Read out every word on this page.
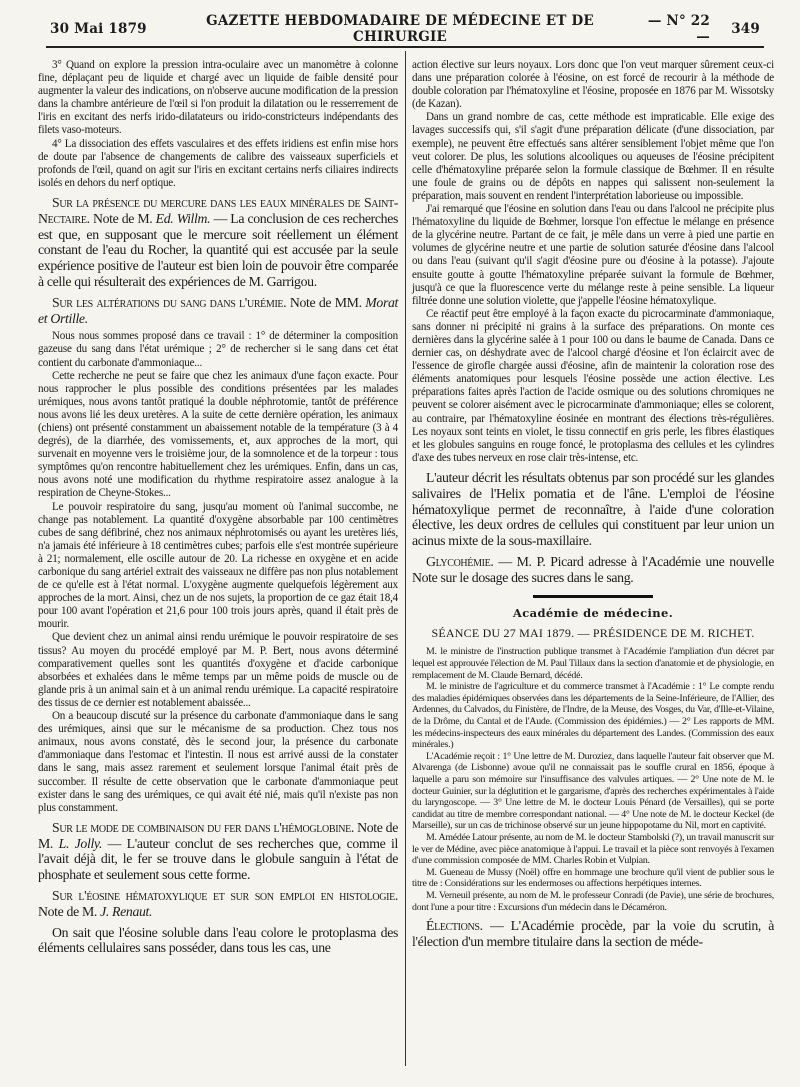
30 Mai 1879	GAZETTE HEBDOMADAIRE DE MÉDECINE ET DE CHIRURGIE
— N° 22 —	349

3° Quand on explore la pression intra-oculaire avec un manomètre à colonne fine, déplaçant peu de liquide et chargé avec un liquide de faible densité pour augmenter la valeur des indications, on n'observe aucune modification de la pression dans la chambre antérieure de l'œil si l'on produit la dilatation ou le resserrement de l'iris en excitant des nerfs irido-dilatateurs ou irido-constricteurs indépendants des filets vaso-moteurs.

4° La dissociation des effets vasculaires et des effets iridiens est enfin mise hors de doute par l'absence de changements de calibre des vaisseaux superficiels et profonds de l'œil, quand on agit sur l'iris en excitant certains nerfs ciliaires indirects isolés en dehors du nerf optique.

Sur la présence du mercure dans les eaux minérales de Saint-Nectaire. Note de M. Ed. Willm. — La conclusion de ces recherches est que, en supposant que le mercure soit réellement un élément constant de l'eau du Rocher, la quantité qui est accusée par la seule expérience positive de l'auteur est bien loin de pouvoir être comparée à celle qui résulterait des expériences de M. Garrigou.

Sur les altérations du sang dans l'urémie. Note de MM. Morat et Ortille.

Nous nous sommes proposé dans ce travail : 1° de déterminer la composition gazeuse du sang dans l'état urémique ; 2° de rechercher si le sang dans cet état contient du carbonate d'ammoniaque...

Cette recherche ne peut se faire que chez les animaux d'une façon exacte. Pour nous rapprocher le plus possible des conditions présentées par les malades urémiques, nous avons tantôt pratiqué la double néphrotomie, tantôt de préférence nous avons lié les deux uretères. A la suite de cette dernière opération, les animaux (chiens) ont présenté constamment un abaissement notable de la température (3 à 4 degrés), de la diarrhée, des vomissements, et, aux approches de la mort, qui survenait en moyenne vers le troisième jour, de la somnolence et de la torpeur : tous symptômes qu'on rencontre habituellement chez les urémiques. Enfin, dans un cas, nous avons noté une modification du rhythme respiratoire assez analogue à la respiration de Cheyne-Stokes...

Le pouvoir respiratoire du sang, jusqu'au moment où l'animal succombe, ne change pas notablement. La quantité d'oxygène absorbable par 100 centimètres cubes de sang défibriné, chez nos animaux néphrotomisés ou ayant les uretères liés, n'a jamais été inférieure à 18 centimètres cubes; parfois elle s'est montrée supérieure à 21; normalement, elle oscille autour de 20. La richesse en oxygène et en acide carbonique du sang artériel extrait des vaisseaux ne diffère pas non plus notablement de ce qu'elle est à l'état normal. L'oxygène augmente quelquefois légèrement aux approches de la mort. Ainsi, chez un de nos sujets, la proportion de ce gaz était 18,4 pour 100 avant l'opération et 21,6 pour 100 trois jours après, quand il était près de mourir.

Que devient chez un animal ainsi rendu urémique le pouvoir respiratoire de ses tissus? Au moyen du procédé employé par M. P. Bert, nous avons déterminé comparativement quelles sont les quantités d'oxygène et d'acide carbonique absorbées et exhalées dans le même temps par un même poids de muscle ou de glande pris à un animal sain et à un animal rendu urémique. La capacité respiratoire des tissus de ce dernier est notablement abaissée...

On a beaucoup discuté sur la présence du carbonate d'ammoniaque dans le sang des urémiques, ainsi que sur le mécanisme de sa production. Chez tous nos animaux, nous avons constaté, dès le second jour, la présence du carbonate d'ammoniaque dans l'estomac et l'intestin. Il nous est arrivé aussi de la constater dans le sang, mais assez rarement et seulement lorsque l'animal était près de succomber. Il résulte de cette observation que le carbonate d'ammoniaque peut exister dans le sang des urémiques, ce qui avait été nié, mais qu'il n'existe pas non plus constamment.

Sur le mode de combinaison du fer dans l'hémoglobine. Note de M. L. Jolly. — L'auteur conclut de ses recherches que, comme il l'avait déjà dit, le fer se trouve dans le globule sanguin à l'état de phosphate et seulement sous cette forme.

Sur l'éosine hématoxylique et sur son emploi en histologie. Note de M. J. Renaut.

On sait que l'éosine soluble dans l'eau colore le protoplasma des éléments cellulaires sans posséder, dans tous les cas, une

action élective sur leurs noyaux. Lors donc que l'on veut marquer sûrement ceux-ci dans une préparation colorée à l'éosine, on est forcé de recourir à la méthode de double coloration par l'hématoxyline et l'éosine, proposée en 1876 par M. Wissotsky (de Kazan).

Dans un grand nombre de cas, cette méthode est impraticable. Elle exige des lavages successifs qui, s'il s'agit d'une préparation délicate (d'une dissociation, par exemple), ne peuvent être effectués sans altérer sensiblement l'objet même que l'on veut colorer. De plus, les solutions alcooliques ou aqueuses de l'éosine précipitent celle d'hématoxyline préparée selon la formule classique de Bœhmer. Il en résulte une foule de grains ou de dépôts en nappes qui salissent non-seulement la préparation, mais souvent en rendent l'interprétation laborieuse ou impossible.

J'ai remarqué que l'éosine en solution dans l'eau ou dans l'alcool ne précipite plus l'hématoxyline du liquide de Bœhmer, lorsque l'on effectue le mélange en présence de la glycérine neutre. Partant de ce fait, je mêle dans un verre à pied une partie en volumes de glycérine neutre et une partie de solution saturée d'éosine dans l'alcool ou dans l'eau (suivant qu'il s'agit d'éosine pure ou d'éosine à la potasse). J'ajoute ensuite goutte à goutte l'hématoxyline préparée suivant la formule de Bœhmer, jusqu'à ce que la fluorescence verte du mélange reste à peine sensible. La liqueur filtrée donne une solution violette, que j'appelle l'éosine hématoxylique.

Ce réactif peut être employé à la façon exacte du picrocarminate d'ammoniaque, sans donner ni précipité ni grains à la surface des préparations. On monte ces dernières dans la glycérine salée à 1 pour 100 ou dans le baume de Canada. Dans ce dernier cas, on déshydrate avec de l'alcool chargé d'éosine et l'on éclaircit avec de l'essence de girofle chargée aussi d'éosine, afin de maintenir la coloration rose des éléments anatomiques pour lesquels l'éosine possède une action élective. Les préparations faites après l'action de l'acide osmique ou des solutions chromiques ne peuvent se colorer aisément avec le picrocarminate d'ammoniaque; elles se colorent, au contraire, par l'hématoxyline éosinée en montrant des élections très-régulières. Les noyaux sont teints en violet, le tissu connectif en gris perle, les fibres élastiques et les globules sanguins en rouge foncé, le protoplasma des cellules et les cylindres d'axe des tubes nerveux en rose clair très-intense, etc.

L'auteur décrit les résultats obtenus par son procédé sur les glandes salivaires de l'Helix pomatia et de l'âne. L'emploi de l'éosine hématoxylique permet de reconnaître, à l'aide d'une coloration élective, les deux ordres de cellules qui constituent par leur union un acinus mixte de la sous-maxillaire.

Glycohémie. — M. P. Picard adresse à l'Académie une nouvelle Note sur le dosage des sucres dans le sang.

Académie de médecine.
SÉANCE DU 27 MAI 1879. — PRÉSIDENCE DE M. RICHET.

M. le ministre de l'instruction publique transmet à l'Académie l'ampliation d'un décret par lequel est approuvée l'élection de M. Paul Tillaux dans la section d'anatomie et de physiologie, en remplacement de M. Claude Bernard, décédé.

M. le ministre de l'agriculture et du commerce transmet à l'Académie : 1° Le compte rendu des maladies épidémiques observées dans les départements de la Seine-Inférieure, de l'Allier, des Ardennes, du Calvados, du Finistère, de l'Indre, de la Meuse, des Vosges, du Var, d'Ille-et-Vilaine, de la Drôme, du Cantal et de l'Aude. (Commission des épidémies.) — 2° Les rapports de MM. les médecins-inspecteurs des eaux minérales du département des Landes. (Commission des eaux minérales.)

L'Académie reçoit : 1° Une lettre de M. Duroziez, dans laquelle l'auteur fait observer que M. Alvarenga (de Lisbonne) avoue qu'il ne connaissait pas le souffle crural en 1856, époque à laquelle a paru son mémoire sur l'insuffisance des valvules artiques. — 2° Une note de M. le docteur Guinier, sur la déglutition et le gargarisme, d'après des recherches expérimentales à l'aide du laryngoscope. — 3° Une lettre de M. le docteur Louis Pénard (de Versailles), qui se porte candidat au titre de membre correspondant national. — 4° Une note de M. le docteur Keckel (de Marseille), sur un cas de trichinose observé sur un jeune hippopotame du Nil, mort en captivité.

M. Amédée Latour présente, au nom de M. le docteur Stambolski (?), un travail manuscrit sur le ver de Médine, avec pièce anatomique à l'appui. Le travail et la pièce sont renvoyés à l'examen d'une commission composée de MM. Charles Robin et Vulpian.

M. Gueneau de Mussy (Noël) offre en hommage une brochure qu'il vient de publier sous le titre de : Considérations sur les endermoses ou affections herpétiques internes.

M. Verneuil présente, au nom de M. le professeur Conradi (de Pavie), une série de brochures, dont l'une a pour titre : Excursions d'un médecin dans le Décaméron.

Élections. — L'Académie procède, par la voie du scrutin, à l'élection d'un membre titulaire dans la section de méde-
